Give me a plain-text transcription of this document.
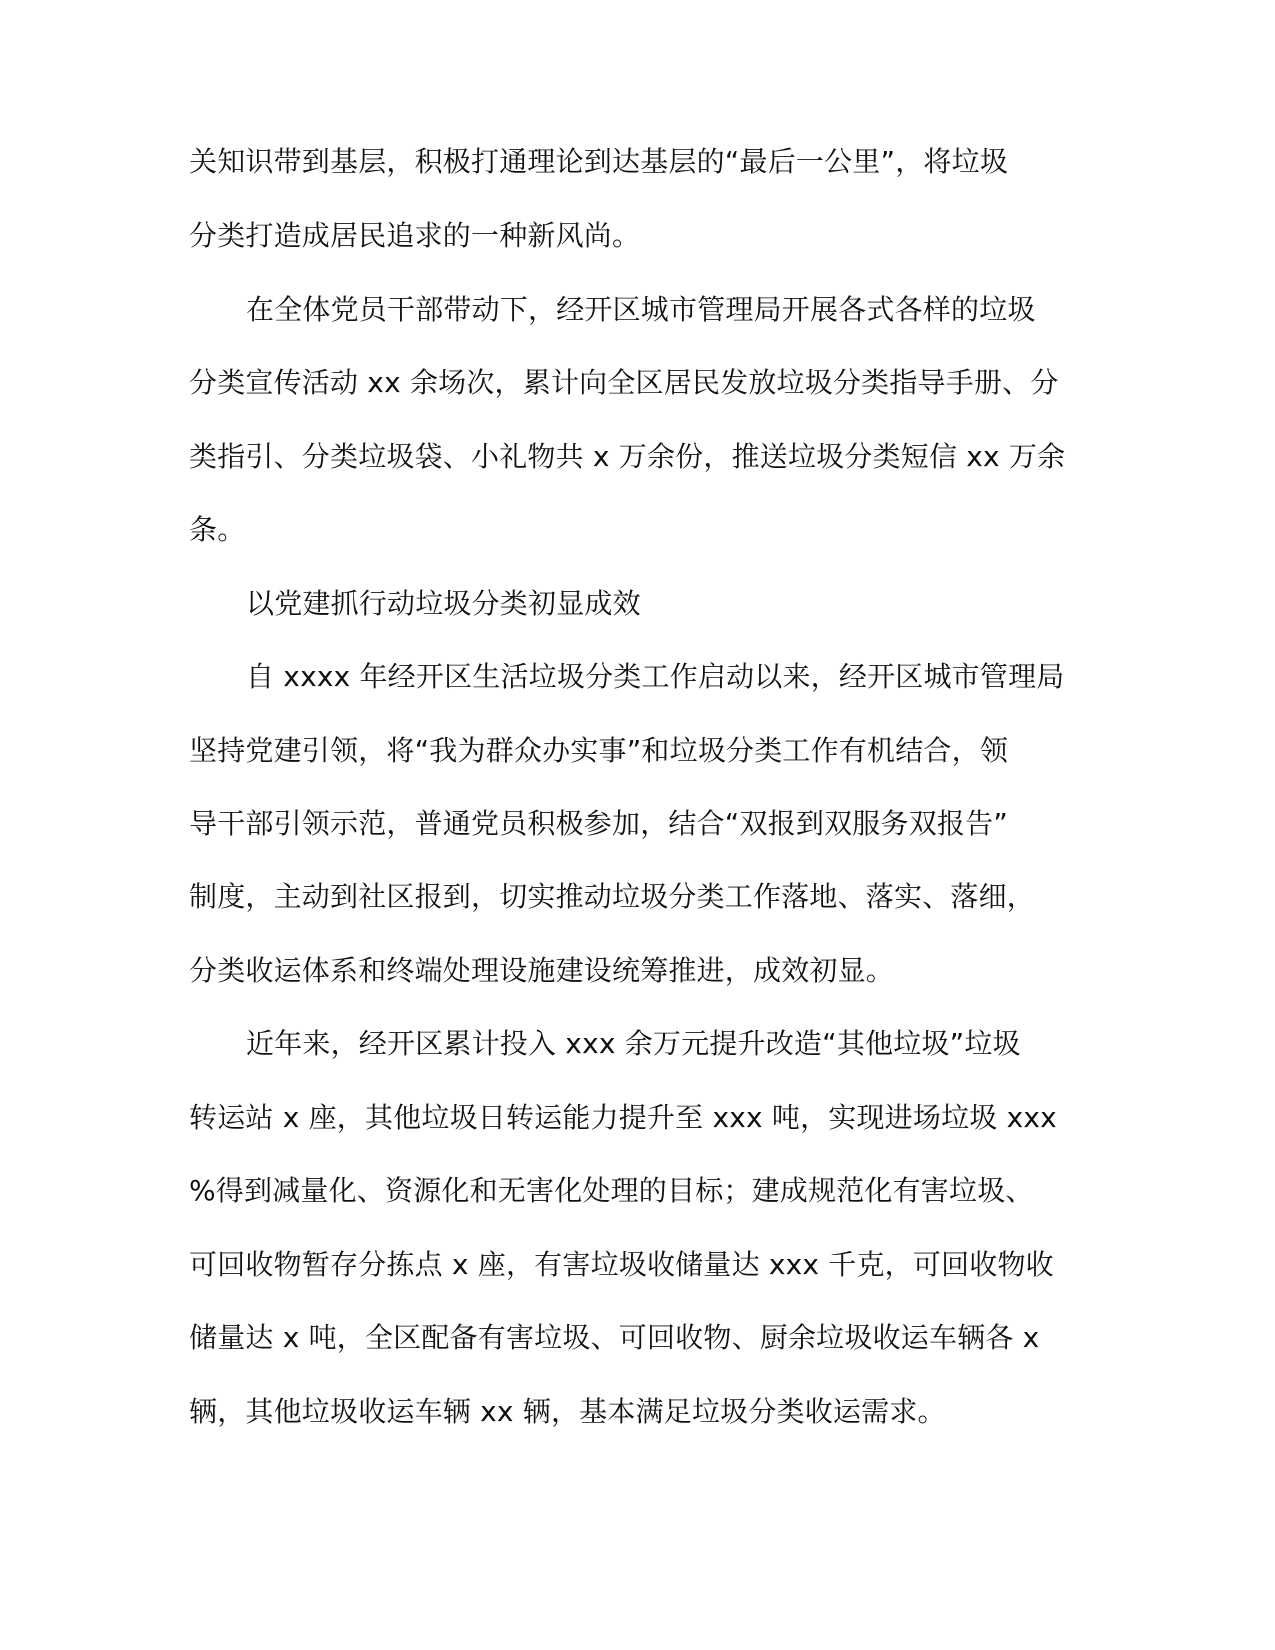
关知识带到基层，积极打通理论到达基层的“最后一公里”，将垃圾
分类打造成居民追求的一种新风尚。
在全体党员干部带动下，经开区城市管理局开展各式各样的垃圾
分类宣传活动 xx 余场次，累计向全区居民发放垃圾分类指导手册、分
类指引、分类垃圾袋、小礼物共 x 万余份，推送垃圾分类短信 xx 万余
条。
以党建抓行动垃圾分类初显成效
自 xxxx 年经开区生活垃圾分类工作启动以来，经开区城市管理局
坚持党建引领，将“我为群众办实事”和垃圾分类工作有机结合，领
导干部引领示范，普通党员积极参加，结合“双报到双服务双报告”
制度，主动到社区报到，切实推动垃圾分类工作落地、落实、落细，
分类收运体系和终端处理设施建设统筹推进，成效初显。
近年来，经开区累计投入 xxx 余万元提升改造“其他垃圾”垃圾
转运站 x 座，其他垃圾日转运能力提升至 xxx 吨，实现进场垃圾 xxx
%得到减量化、资源化和无害化处理的目标；建成规范化有害垃圾、
可回收物暂存分拣点 x 座，有害垃圾收储量达 xxx 千克，可回收物收
储量达 x 吨，全区配备有害垃圾、可回收物、厨余垃圾收运车辆各 x
辆，其他垃圾收运车辆 xx 辆，基本满足垃圾分类收运需求。
